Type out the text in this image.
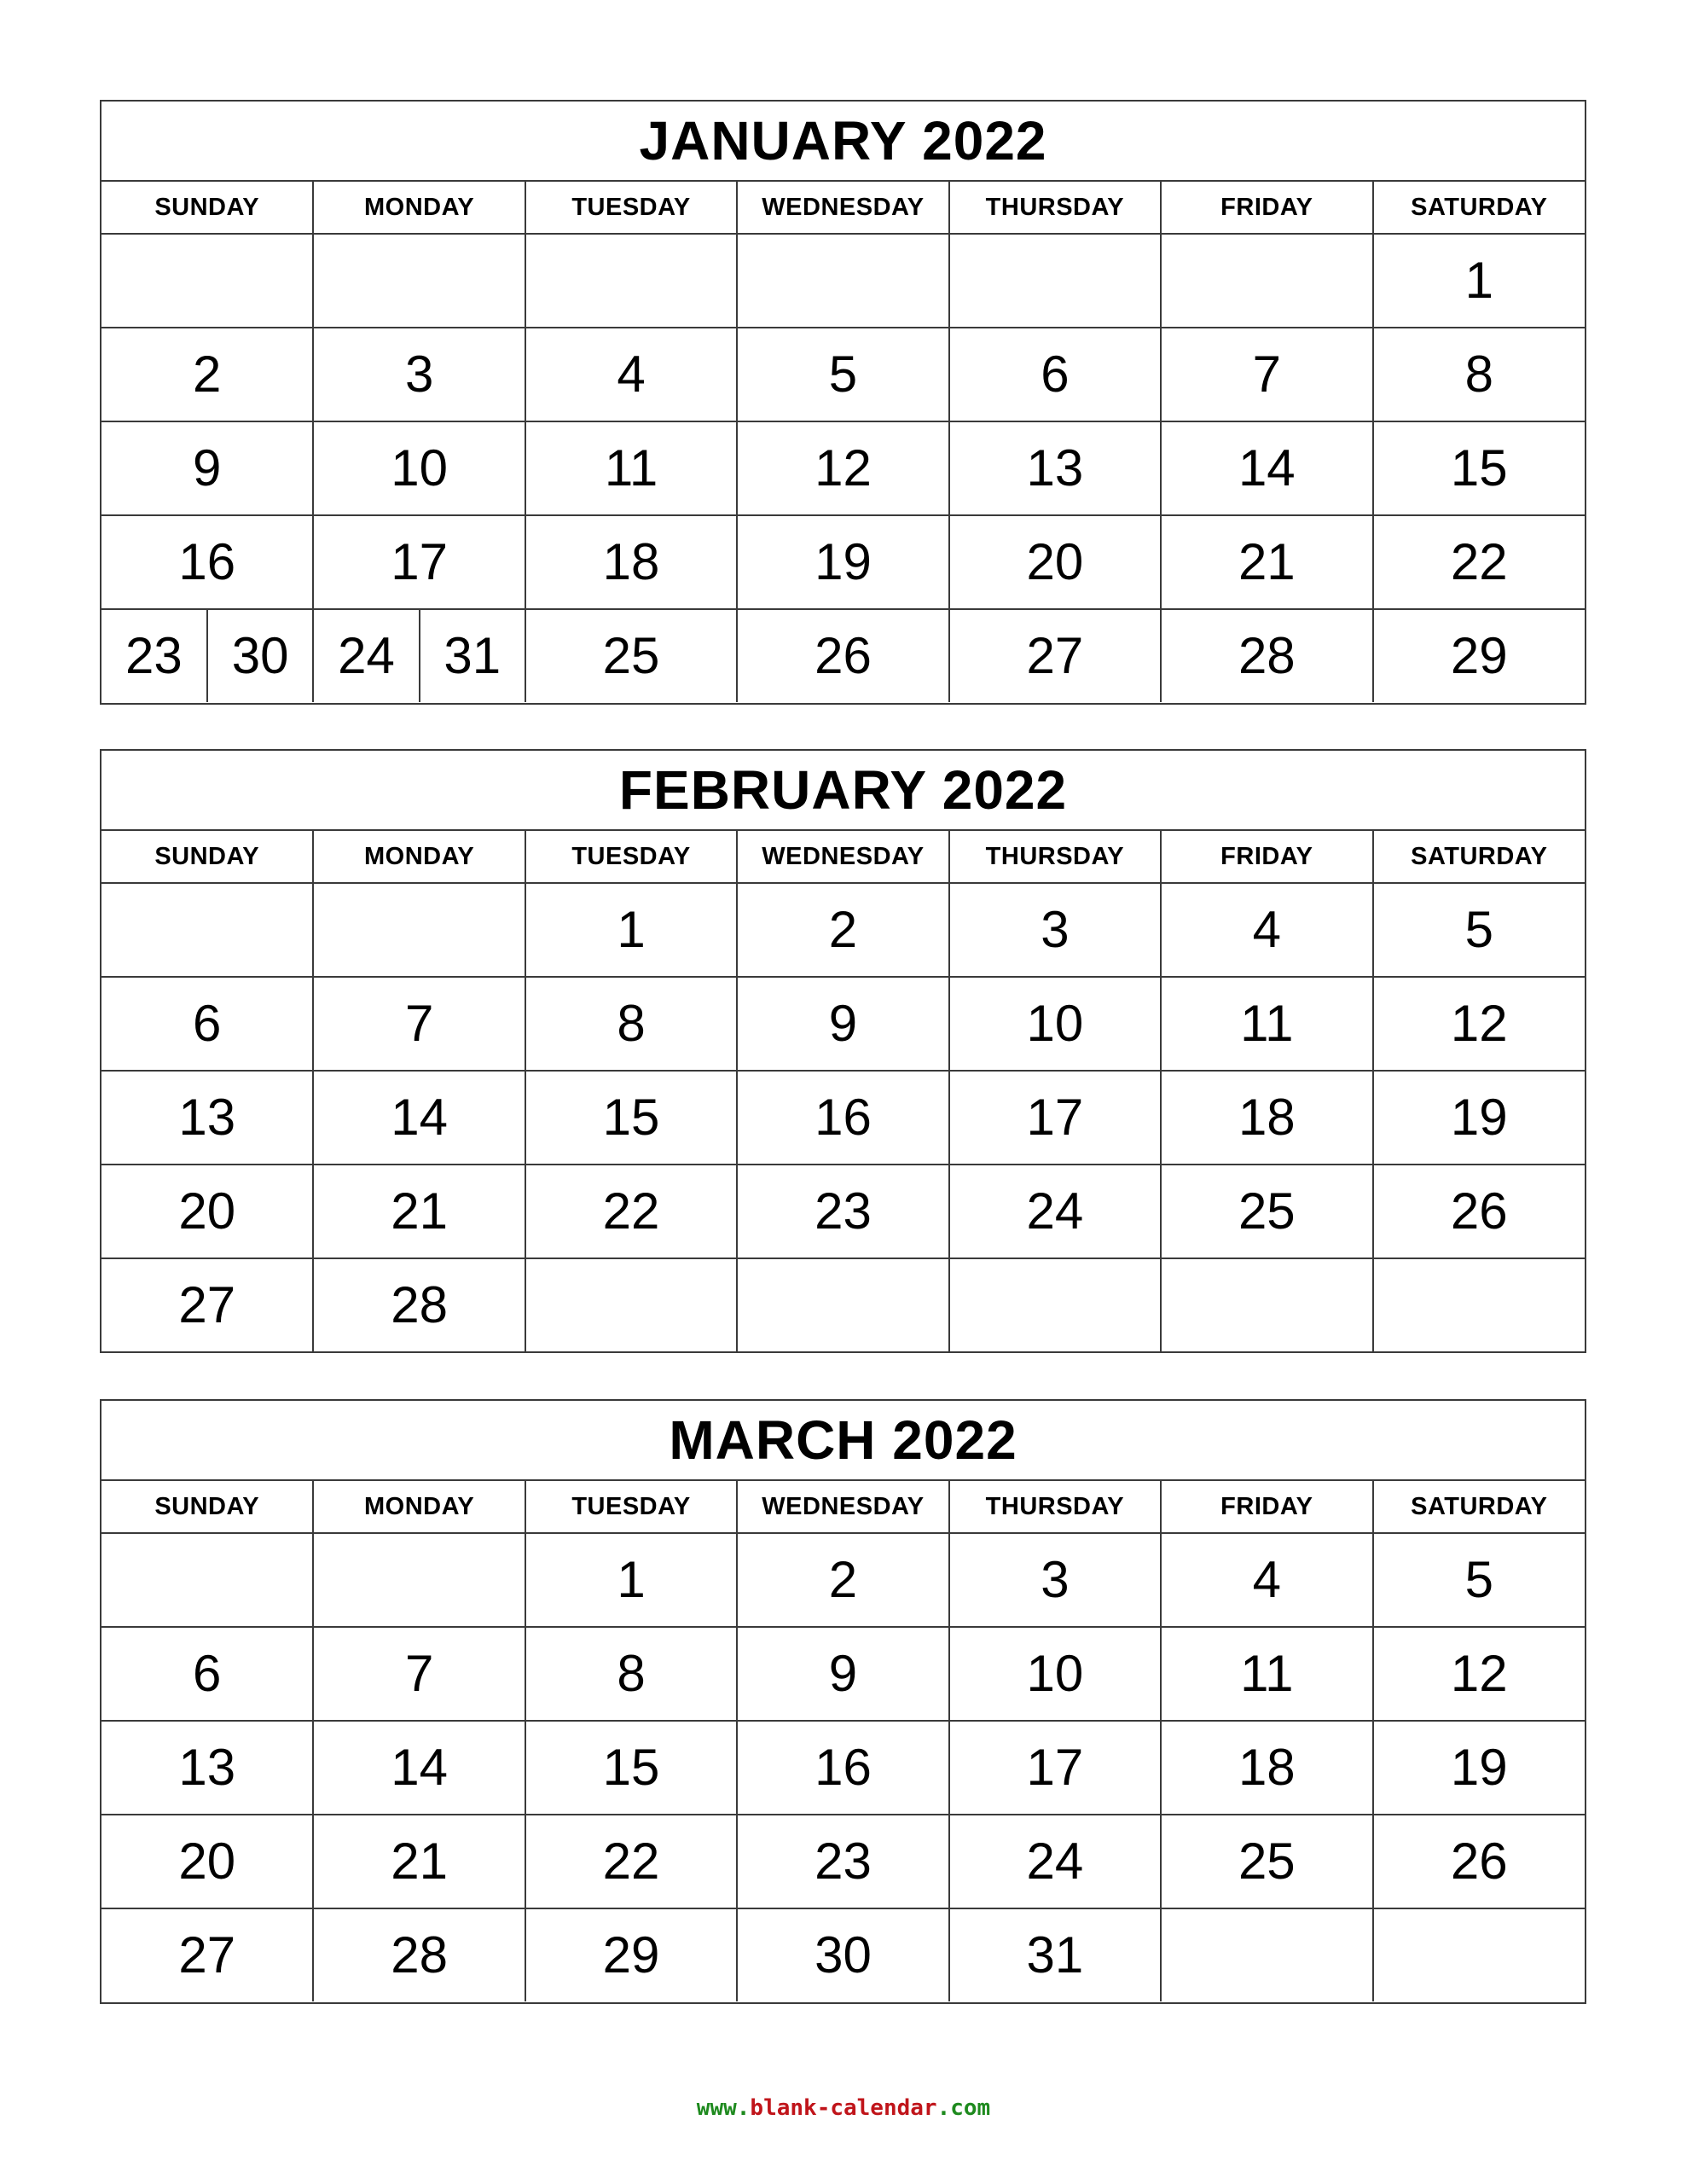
JANUARY 2022
SUNDAY	MONDAY	TUESDAY	WEDNESDAY	THURSDAY	FRIDAY	SATURDAY
						1
2	3	4	5	6	7	8
9	10	11	12	13	14	15
16	17	18	19	20	21	22

23 30	24 31	25	26	27	28	29
FEBRUARY 2022
SUNDAY	MONDAY	TUESDAY	WEDNESDAY	THURSDAY	FRIDAY	SATURDAY
		1	2	3	4	5
6	7	8	9	10	11	12
13	14	15	16	17	18	19
20	21	22	23	24	25	26
27	28					
MARCH 2022
SUNDAY	MONDAY	TUESDAY	WEDNESDAY	THURSDAY	FRIDAY	SATURDAY
		1	2	3	4	5
6	7	8	9	10	11	12
13	14	15	16	17	18	19
20	21	22	23	24	25	26
27	28	29	30	31		
www.blank-calendar.com
